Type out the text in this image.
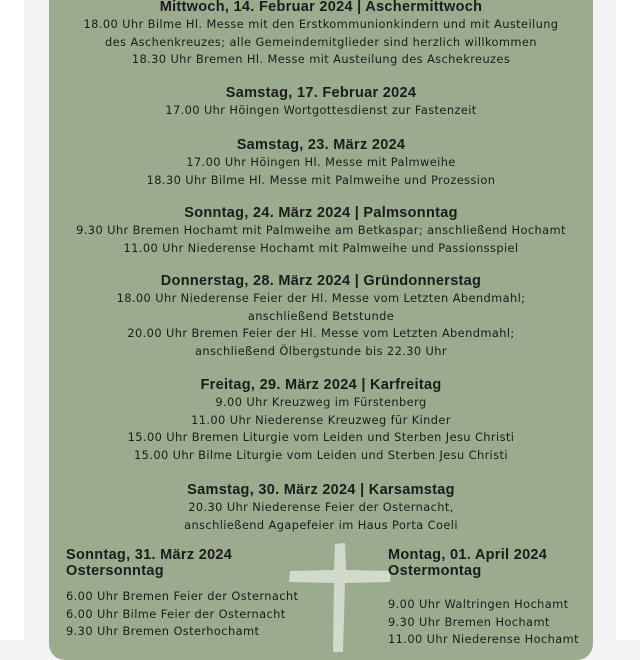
Mittwoch, 14. Februar 2024 | Aschermittwoch
18.00 Uhr Bilme Hl. Messe mit den Erstkommunionkindern und mit Austeilung
des Aschenkreuzes; alle Gemeindemitglieder sind herzlich willkommen
18.30 Uhr Bremen Hl. Messe mit Austeilung des Aschekreuzes
Samstag, 17. Februar 2024
17.00 Uhr Höingen Wortgottesdienst zur Fastenzeit
Samstag, 23. März 2024
17.00 Uhr Höingen Hl. Messe mit Palmweihe
18.30 Uhr Bilme Hl. Messe mit Palmweihe und Prozession
Sonntag, 24. März 2024 | Palmsonntag
9.30 Uhr Bremen Hochamt mit Palmweihe am Betkaspar; anschließend Hochamt
11.00 Uhr Niederense Hochamt mit Palmweihe und Passionsspiel
Donnerstag, 28. März 2024 | Gründonnerstag
18.00 Uhr Niederense Feier der Hl. Messe vom Letzten Abendmahl;
anschließend Betstunde
20.00 Uhr Bremen Feier der Hl. Messe vom Letzten Abendmahl;
anschließend Ölbergstunde bis 22.30 Uhr
Freitag, 29. März 2024 | Karfreitag
9.00 Uhr Kreuzweg im Fürstenberg
11.00 Uhr Niederense Kreuzweg für Kinder
15.00 Uhr Bremen Liturgie vom Leiden und Sterben Jesu Christi
15.00 Uhr Bilme Liturgie vom Leiden und Sterben Jesu Christi
Samstag, 30. März 2024 | Karsamstag
20.30 Uhr Niederense Feier der Osternacht,
anschließend Agapefeier im Haus Porta Coeli
Sonntag, 31. März 2024
Ostersonntag
6.00 Uhr Bremen Feier der Osternacht
6.00 Uhr Bilme Feier der Osternacht
9.30 Uhr Bremen Osterhochamt
Montag, 01. April 2024
Ostermontag
9.00 Uhr Waltringen Hochamt
9.30 Uhr Bremen Hochamt
11.00 Uhr Niederense Hochamt
